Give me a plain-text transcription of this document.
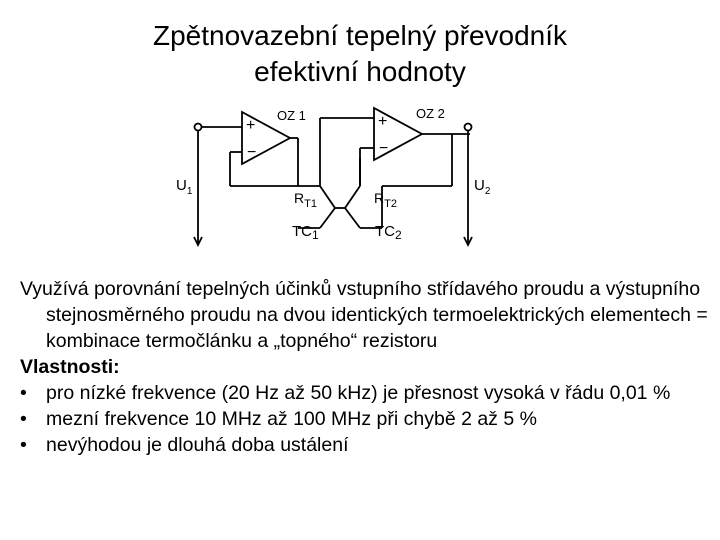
Zpětnovazební tepelný převodník
efektivní hodnoty
+
−
OZ 1	+
−
OZ 2
$U_1$	$U_2$
$R_{T1}$	$R_{T2}$
$TC_1$	$TC_2$

Využívá porovnání tepelných účinků vstupního střídavého proudu a výstupního stejnosměrného proudu na dvou identických termoelektrických elementech = kombinace termočlánku a „topného“ rezistoru

Vlastnosti:

• pro nízké frekvence (20 Hz až 50 kHz) je přesnost vysoká v řádu 0,01 %
• mezní frekvence 10 MHz až 100 MHz při chybě 2 až 5 %
• nevýhodou je dlouhá doba ustálení
